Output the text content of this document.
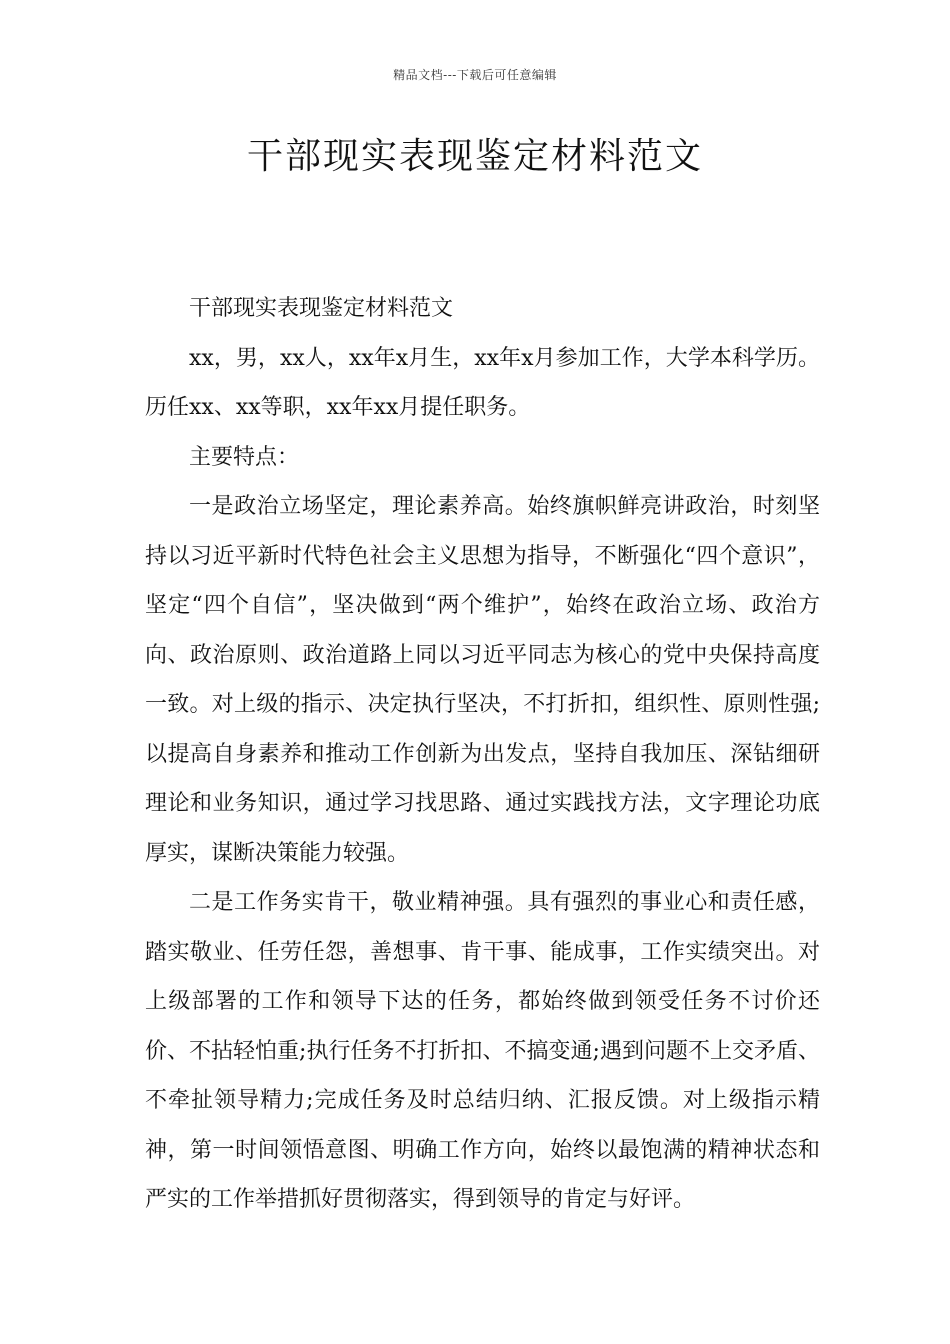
精品文档---下载后可任意编辑
干部现实表现鉴定材料范文

干部现实表现鉴定材料范文

xx，男，xx人，xx年x月生，xx年x月参加工作，大学本科学历。历任xx、xx等职，xx年xx月提任职务。

主要特点：

一是政治立场坚定，理论素养高。始终旗帜鲜亮讲政治，时刻坚持以习近平新时代特色社会主义思想为指导，不断强化“四个意识”，坚定“四个自信”，坚决做到“两个维护”，始终在政治立场、政治方向、政治原则、政治道路上同以习近平同志为核心的党中央保持高度一致。对上级的指示、决定执行坚决，不打折扣，组织性、原则性强;以提高自身素养和推动工作创新为出发点，坚持自我加压、深钻细研理论和业务知识，通过学习找思路、通过实践找方法，文字理论功底厚实，谋断决策能力较强。

二是工作务实肯干，敬业精神强。具有强烈的事业心和责任感，踏实敬业、任劳任怨，善想事、肯干事、能成事，工作实绩突出。对上级部署的工作和领导下达的任务，都始终做到领受任务不讨价还价、不拈轻怕重;执行任务不打折扣、不搞变通;遇到问题不上交矛盾、不牵扯领导精力;完成任务及时总结归纳、汇报反馈。对上级指示精神，第一时间领悟意图、明确工作方向，始终以最饱满的精神状态和严实的工作举措抓好贯彻落实，得到领导的肯定与好评。
